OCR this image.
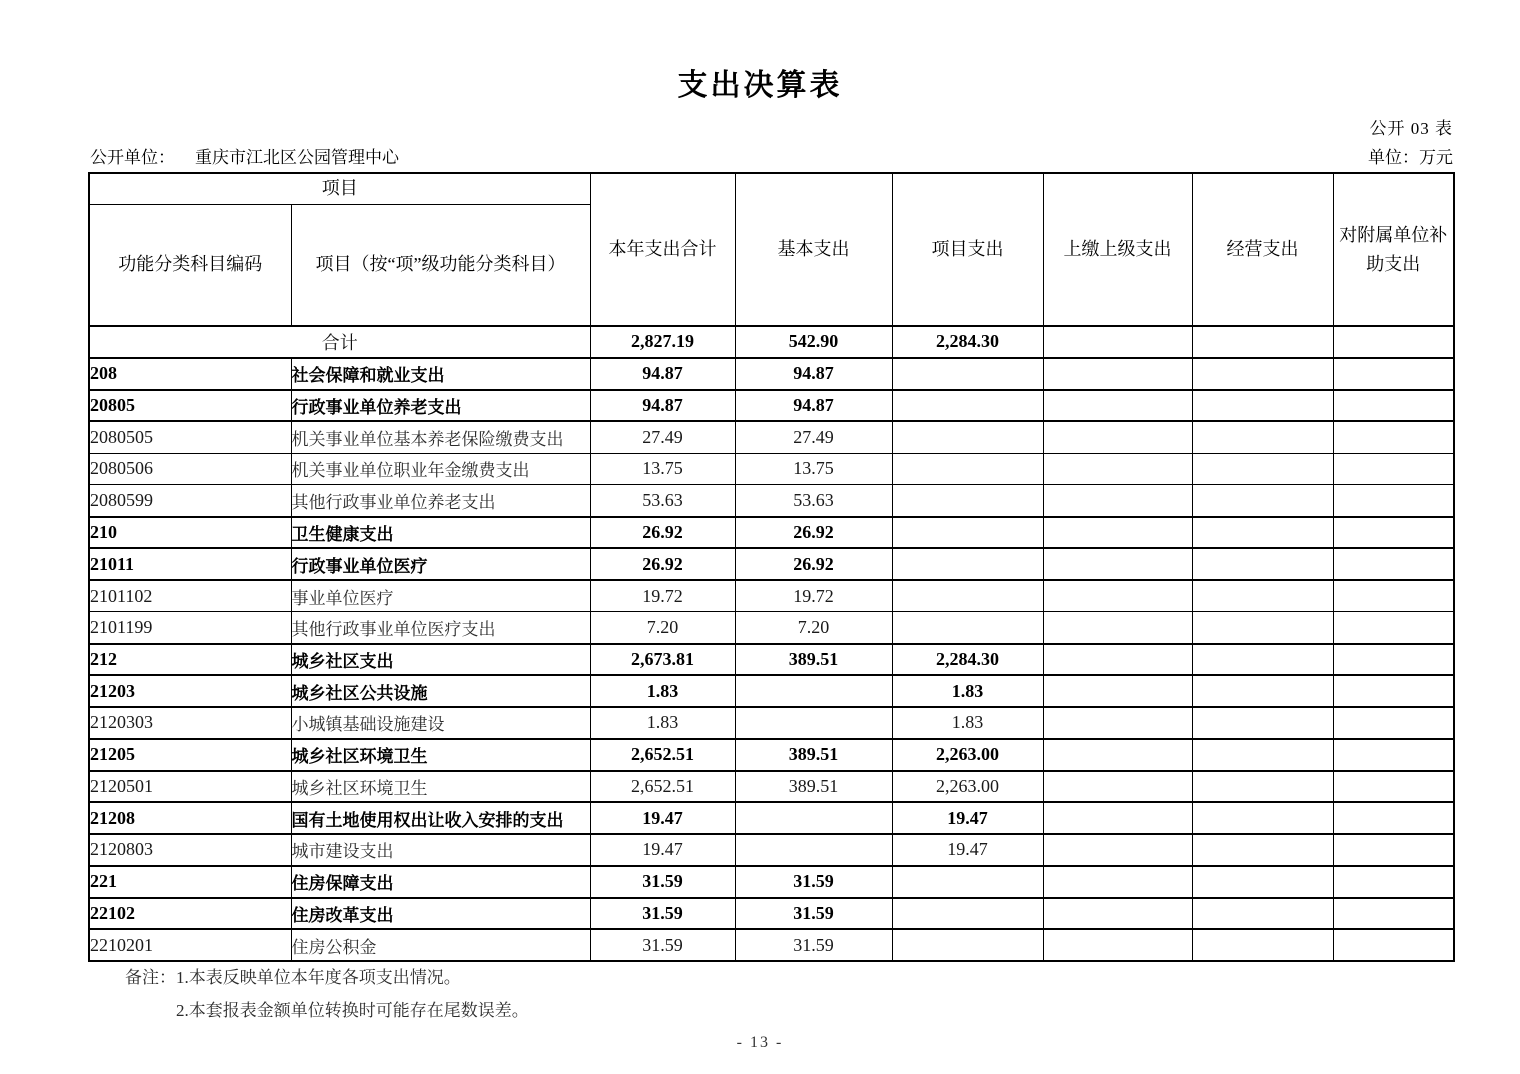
支出决算表
公开 03 表
公开单位： 重庆市江北区公园管理中心	单位：万元
项目		本年支出合计	基本支出	项目支出	上缴上级支出	经营支出	对附属单位补助支出
功能分类科目编码	项目（按“项”级功能分类科目）						
合计		2,827.19	542.90	2,284.30			
208	社会保障和就业支出	94.87	94.87				
20805	行政事业单位养老支出	94.87	94.87				
2080505	机关事业单位基本养老保险缴费支出	27.49	27.49				
2080506	机关事业单位职业年金缴费支出	13.75	13.75				
2080599	其他行政事业单位养老支出	53.63	53.63				
210	卫生健康支出	26.92	26.92				
21011	行政事业单位医疗	26.92	26.92				
2101102	事业单位医疗	19.72	19.72				
2101199	其他行政事业单位医疗支出	7.20	7.20				
212	城乡社区支出	2,673.81	389.51	2,284.30			
21203	城乡社区公共设施	1.83		1.83			
2120303	小城镇基础设施建设	1.83		1.83			
21205	城乡社区环境卫生	2,652.51	389.51	2,263.00			
2120501	城乡社区环境卫生	2,652.51	389.51	2,263.00			
21208	国有土地使用权出让收入安排的支出	19.47		19.47			
2120803	城市建设支出	19.47		19.47			
221	住房保障支出	31.59	31.59				
22102	住房改革支出	31.59	31.59				
2210201	住房公积金	31.59	31.59				
备注： 1.本表反映单位本年度各项支出情况。
2.本套报表金额单位转换时可能存在尾数误差。
- 13 -
